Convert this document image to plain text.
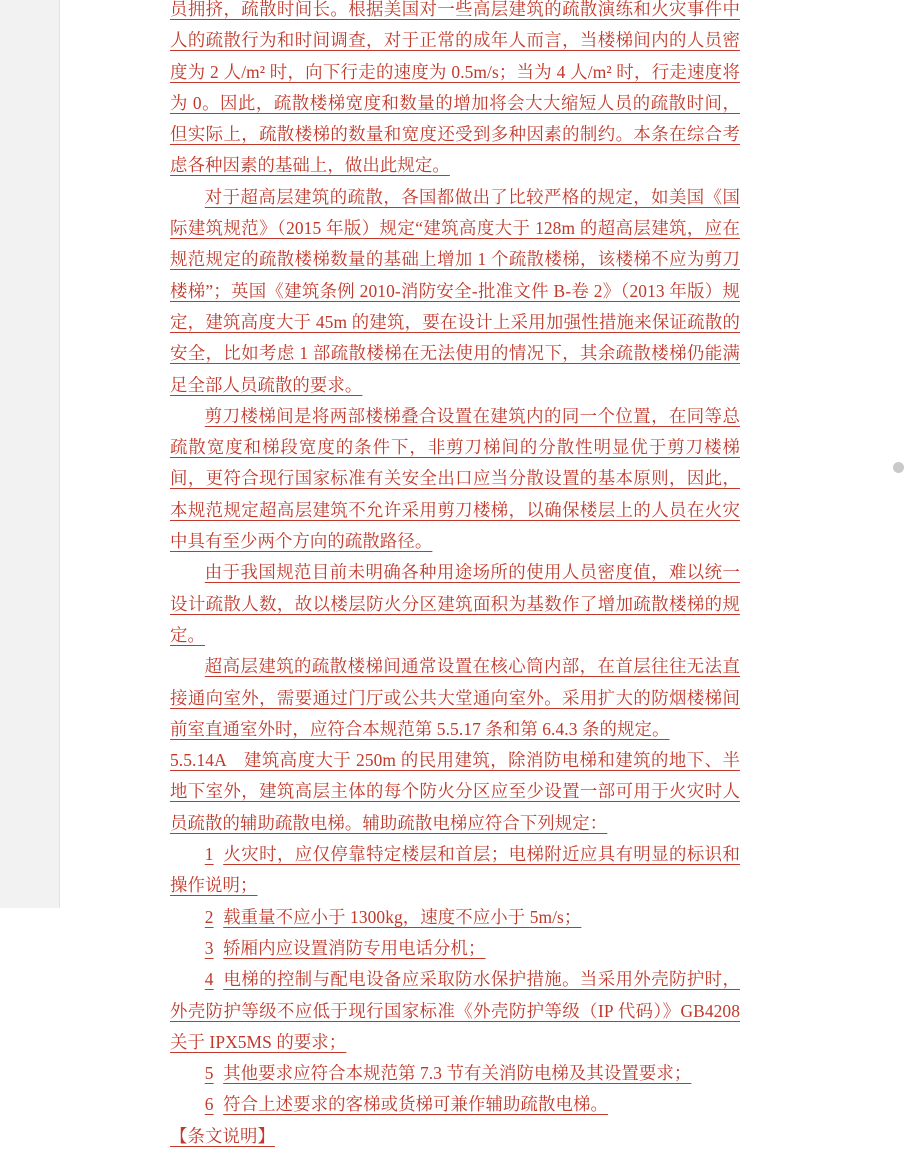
员拥挤，疏散时间长。根据美国对一些高层建筑的疏散演练和火灾事件中人的疏散行为和时间调查，对于正常的成年人而言，当楼梯间内的人员密度为 2 人/m² 时，向下行走的速度为 0.5m/s；当为 4 人/m² 时，行走速度将为 0。因此，疏散楼梯宽度和数量的增加将会大大缩短人员的疏散时间，但实际上，疏散楼梯的数量和宽度还受到多种因素的制约。本条在综合考虑各种因素的基础上，做出此规定。

对于超高层建筑的疏散，各国都做出了比较严格的规定，如美国《国际建筑规范》（2015 年版）规定“建筑高度大于 128m 的超高层建筑，应在规范规定的疏散楼梯数量的基础上增加 1 个疏散楼梯，该楼梯不应为剪刀楼梯”；英国《建筑条例 2010-消防安全-批准文件 B-卷 2》（2013 年版）规定，建筑高度大于 45m 的建筑，要在设计上采用加强性措施来保证疏散的安全，比如考虑 1 部疏散楼梯在无法使用的情况下，其余疏散楼梯仍能满足全部人员疏散的要求。

剪刀楼梯间是将两部楼梯叠合设置在建筑内的同一个位置，在同等总疏散宽度和梯段宽度的条件下，非剪刀梯间的分散性明显优于剪刀楼梯间，更符合现行国家标准有关安全出口应当分散设置的基本原则，因此，本规范规定超高层建筑不允许采用剪刀楼梯，以确保楼层上的人员在火灾中具有至少两个方向的疏散路径。

由于我国规范目前未明确各种用途场所的使用人员密度值，难以统一设计疏散人数，故以楼层防火分区建筑面积为基数作了增加疏散楼梯的规定。

超高层建筑的疏散楼梯间通常设置在核心筒内部，在首层往往无法直接通向室外，需要通过门厅或公共大堂通向室外。采用扩大的防烟楼梯间前室直通室外时，应符合本规范第 5.5.17 条和第 6.4.3 条的规定。

5.5.14A　建筑高度大于 250m 的民用建筑，除消防电梯和建筑的地下、半地下室外，建筑高层主体的每个防火分区应至少设置一部可用于火灾时人员疏散的辅助疏散电梯。辅助疏散电梯应符合下列规定：

1 火灾时，应仅停靠特定楼层和首层；电梯附近应具有明显的标识和操作说明；

2 载重量不应小于 1300kg，速度不应小于 5m/s；

3 轿厢内应设置消防专用电话分机；

4 电梯的控制与配电设备应采取防水保护措施。当采用外壳防护时，外壳防护等级不应低于现行国家标准《外壳防护等级（IP 代码）》GB4208 关于 IPX5MS 的要求；

5 其他要求应符合本规范第 7.3 节有关消防电梯及其设置要求；

6 符合上述要求的客梯或货梯可兼作辅助疏散电梯。

【条文说明】
